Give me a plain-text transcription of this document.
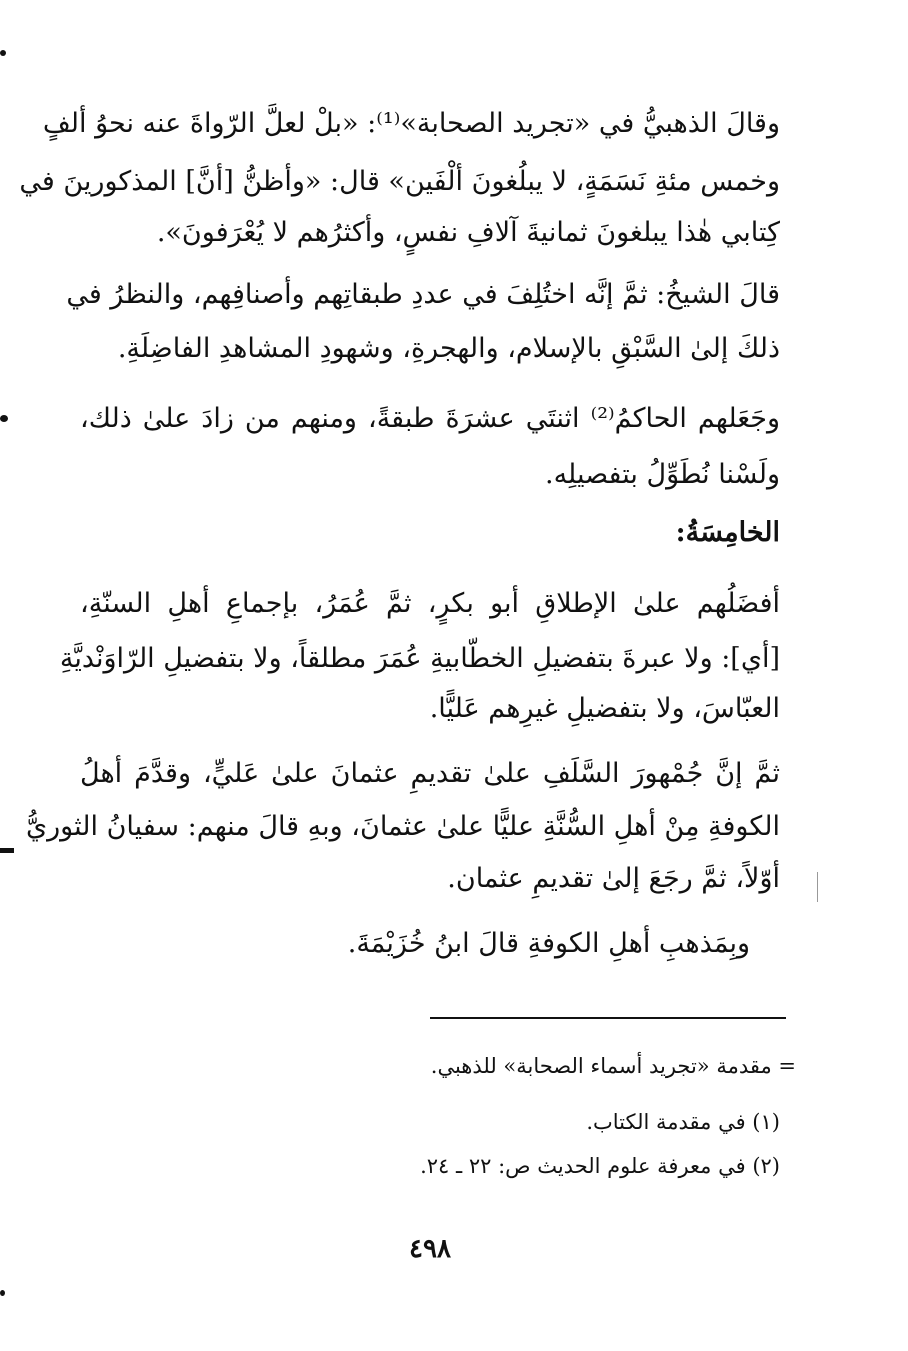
وقالَ الذهبيُّ في «تجريد الصحابة»⁽¹⁾: «بلْ لعلَّ الرّواةَ عنه نحوُ ألفٍ
وخمس مئةِ نَسَمَةٍ، لا يبلُغونَ ألْفَين» قال: «وأظنُّ [أنَّ] المذكورينَ في
كِتابي هٰذا يبلغونَ ثمانيةَ آلافِ نفسٍ، وأكثرُهم لا يُعْرَفونَ».
قالَ الشيخُ: ثمَّ إنَّه اختُلِفَ في عددِ طبقاتِهم وأصنافِهم، والنظرُ في
ذلكَ إلىٰ السَّبْقِ بالإسلام، والهجرةِ، وشهودِ المشاهدِ الفاضِلَةِ.
وجَعَلهم الحاكمُ⁽²⁾ اثنتَي عشرَةَ طبقةً، ومنهم من زادَ علىٰ ذلك،
ولَسْنا نُطَوِّلُ بتفصيلِه.
الخامِسَةُ:
أفضَلُهم علىٰ الإطلاقِ أبو بكرٍ، ثمَّ عُمَرُ، بإجماعِ أهلِ السنّةِ،
[أي]: ولا عبرةَ بتفضيلِ الخطّابيةِ عُمَرَ مطلقاً، ولا بتفضيلِ الرّاوَنْديَّةِ
العبّاسَ، ولا بتفضيلِ غيرِهم عَليًّا.
ثمَّ إنَّ جُمْهورَ السَّلَفِ علىٰ تقديمِ عثمانَ علىٰ عَليٍّ، وقدَّمَ أهلُ
الكوفةِ مِنْ أهلِ السُّنَّةِ عليًّا علىٰ عثمانَ، وبهِ قالَ منهم: سفيانُ الثوريُّ
أوّلاً، ثمَّ رجَعَ إلىٰ تقديمِ عثمان.
وبِمَذهبِ أهلِ الكوفةِ قالَ ابنُ خُزَيْمَةَ.
= مقدمة «تجريد أسماء الصحابة» للذهبي.
(١) في مقدمة الكتاب.
(٢) في معرفة علوم الحديث ص: ٢٢ ـ ٢٤.
٤٩٨
